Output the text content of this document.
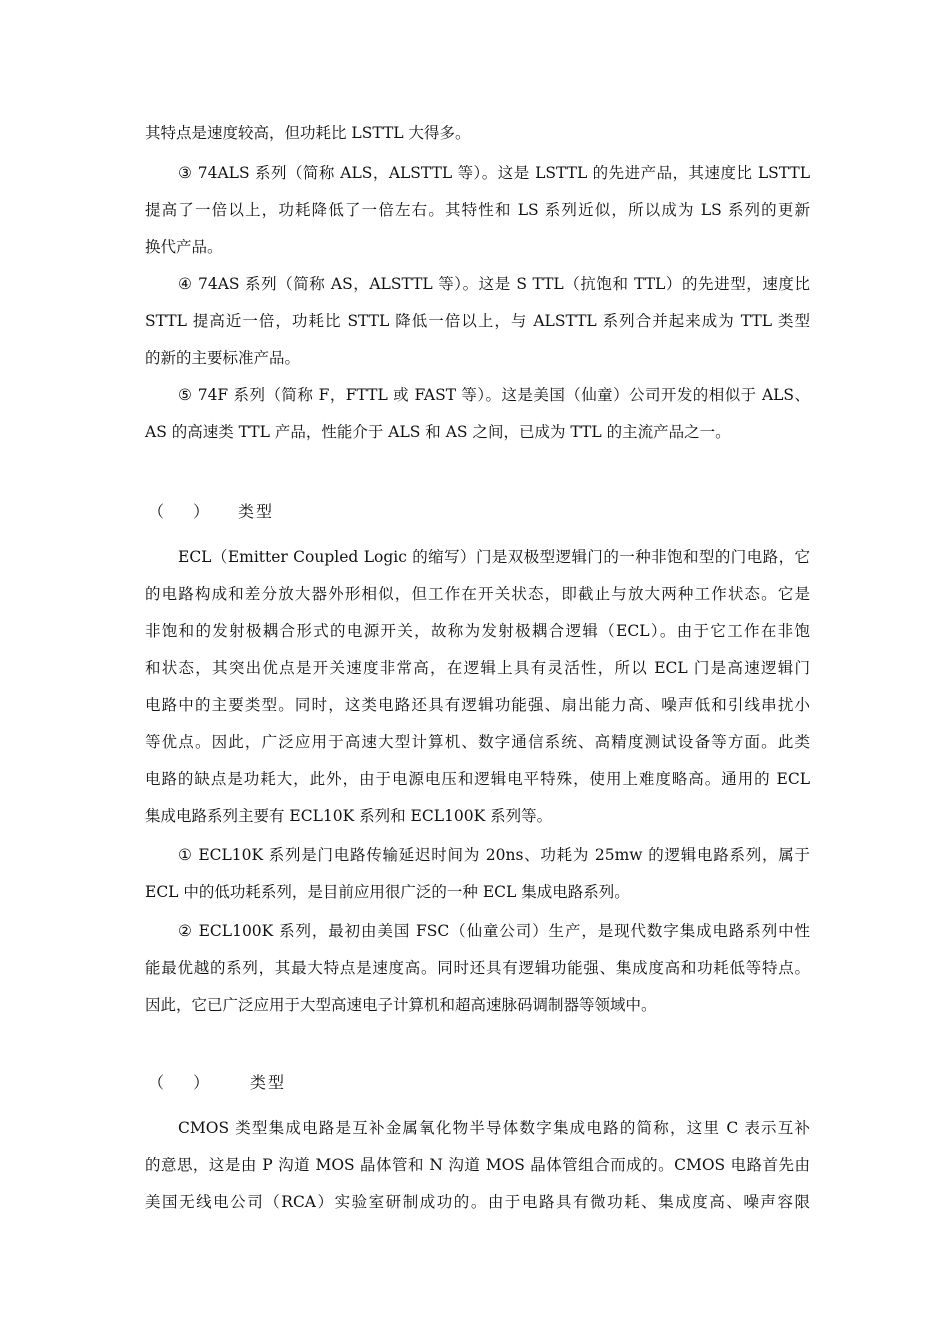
其特点是速度较高，但功耗比 LSTTL 大得多。
③ 74ALS 系列（简称 ALS，ALSTTL 等）。这是 LSTTL 的先进产品，其速度比 LSTTL
提高了一倍以上，功耗降低了一倍左右。其特性和 LS 系列近似，所以成为 LS 系列的更新
换代产品。
④ 74AS 系列（简称 AS，ALSTTL 等）。这是 S TTL（抗饱和 TTL）的先进型，速度比
STTL 提高近一倍，功耗比 STTL 降低一倍以上，与 ALSTTL 系列合并起来成为 TTL 类型
的新的主要标准产品。
⑤ 74F 系列（简称 F，FTTL 或 FAST 等）。这是美国（仙童）公司开发的相似于 ALS、
AS 的高速类 TTL 产品，性能介于 ALS 和 AS 之间，已成为 TTL 的主流产品之一。
（ ） 类型
ECL（Emitter Coupled Logic 的缩写）门是双极型逻辑门的一种非饱和型的门电路，它
的电路构成和差分放大器外形相似，但工作在开关状态，即截止与放大两种工作状态。它是
非饱和的发射极耦合形式的电源开关，故称为发射极耦合逻辑（ECL）。由于它工作在非饱
和状态，其突出优点是开关速度非常高，在逻辑上具有灵活性，所以 ECL 门是高速逻辑门
电路中的主要类型。同时，这类电路还具有逻辑功能强、扇出能力高、噪声低和引线串扰小
等优点。因此，广泛应用于高速大型计算机、数字通信系统、高精度测试设备等方面。此类
电路的缺点是功耗大，此外，由于电源电压和逻辑电平特殊，使用上难度略高。通用的 ECL
集成电路系列主要有 ECL10K 系列和 ECL100K 系列等。
① ECL10K 系列是门电路传输延迟时间为 20ns、功耗为 25mw 的逻辑电路系列，属于
ECL 中的低功耗系列，是目前应用很广泛的一种 ECL 集成电路系列。
② ECL100K 系列，最初由美国 FSC（仙童公司）生产，是现代数字集成电路系列中性
能最优越的系列，其最大特点是速度高。同时还具有逻辑功能强、集成度高和功耗低等特点。
因此，它已广泛应用于大型高速电子计算机和超高速脉码调制器等领域中。
（ ） 类型
CMOS 类型集成电路是互补金属氧化物半导体数字集成电路的简称，这里 C 表示互补
的意思，这是由 P 沟道 MOS 晶体管和 N 沟道 MOS 晶体管组合而成的。CMOS 电路首先由
美国无线电公司（RCA）实验室研制成功的。由于电路具有微功耗、集成度高、噪声容限
